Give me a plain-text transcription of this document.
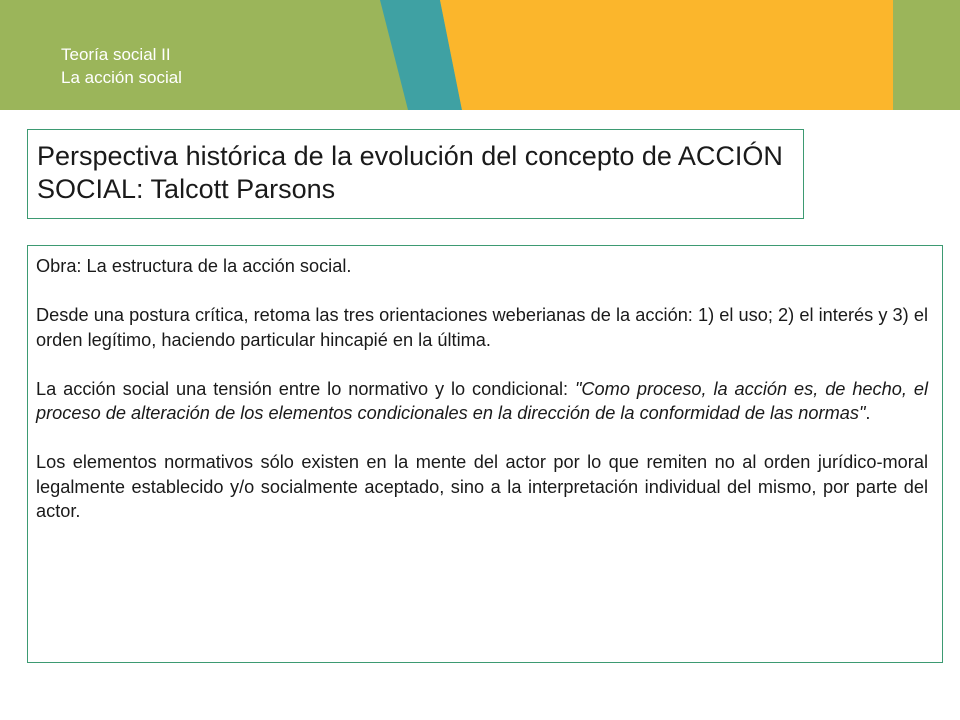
Teoría social II
La acción social
Perspectiva histórica de la evolución del concepto de ACCIÓN SOCIAL: Talcott Parsons

Obra: La estructura de la acción social.

Desde una postura crítica, retoma las tres orientaciones weberianas de la acción: 1) el uso; 2) el interés y 3) el orden legítimo, haciendo particular hincapié en la última.

La acción social una tensión entre lo normativo y lo condicional: "Como proceso, la acción es, de hecho, el proceso de alteración de los elementos condicionales en la dirección de la conformidad de las normas".

Los elementos normativos sólo existen en la mente del actor por lo que remiten no al orden jurídico-moral legalmente establecido y/o socialmente aceptado, sino a la interpretación individual del mismo, por parte del actor.
